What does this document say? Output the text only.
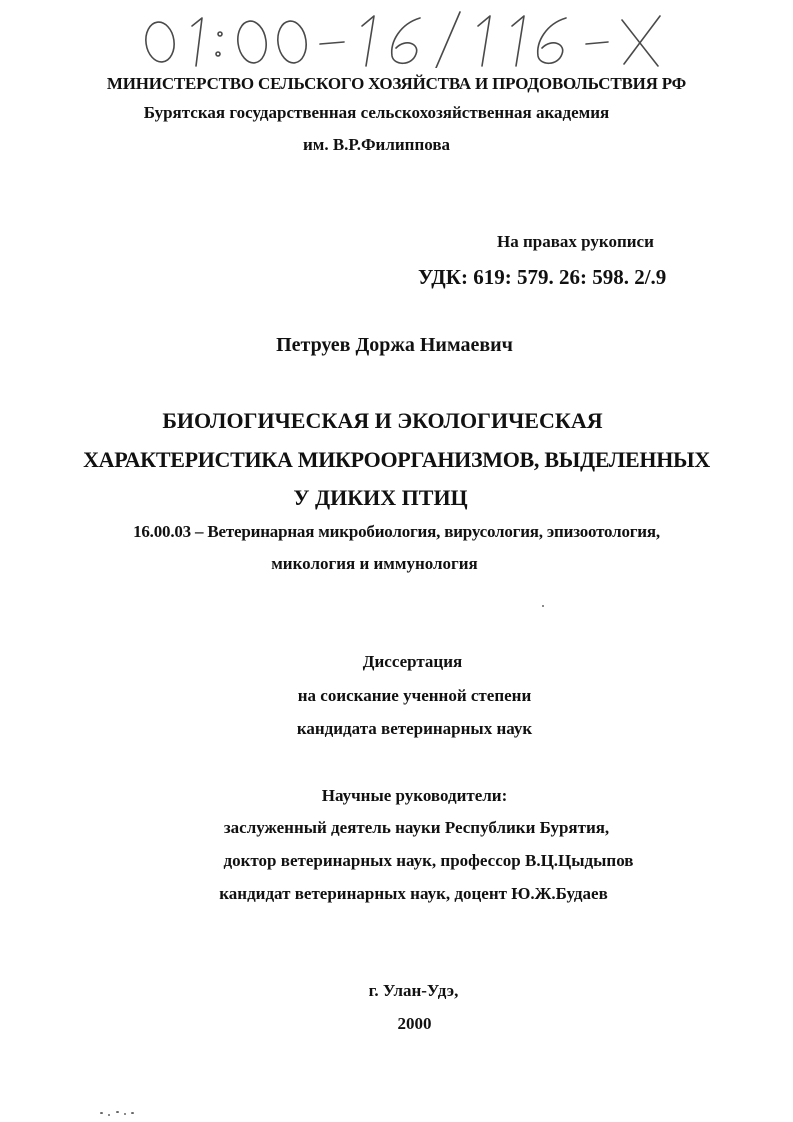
МИНИСТЕРСТВО СЕЛЬСКОГО ХОЗЯЙСТВА И ПРОДОВОЛЬСТВИЯ РФ
Бурятская государственная сельскохозяйственная академия
им. В.Р.Филиппова
На правах рукописи
УДК: 619: 579. 26: 598. 2/.9
Петруев Дoржа Нимаевич
БИОЛОГИЧЕСКАЯ И ЭКОЛОГИЧЕСКАЯ
ХАРАКТЕРИСТИКА МИКРООРГАНИЗМОВ, ВЫДЕЛЕННЫХ
У ДИКИХ ПТИЦ
16.00.03 – Ветеринарная микробиология, вирусология, эпизоотология,
микология и иммунология
Диссертация
на соискание ученной степени
кандидата ветеринарных наук
Научные руководители:
заслуженный деятель науки Республики Бурятия,
доктор ветеринарных наук, профессор В.Ц.Цыдыпов
кандидат ветеринарных наук, доцент Ю.Ж.Будаев
г. Улан-Удэ,
2000
